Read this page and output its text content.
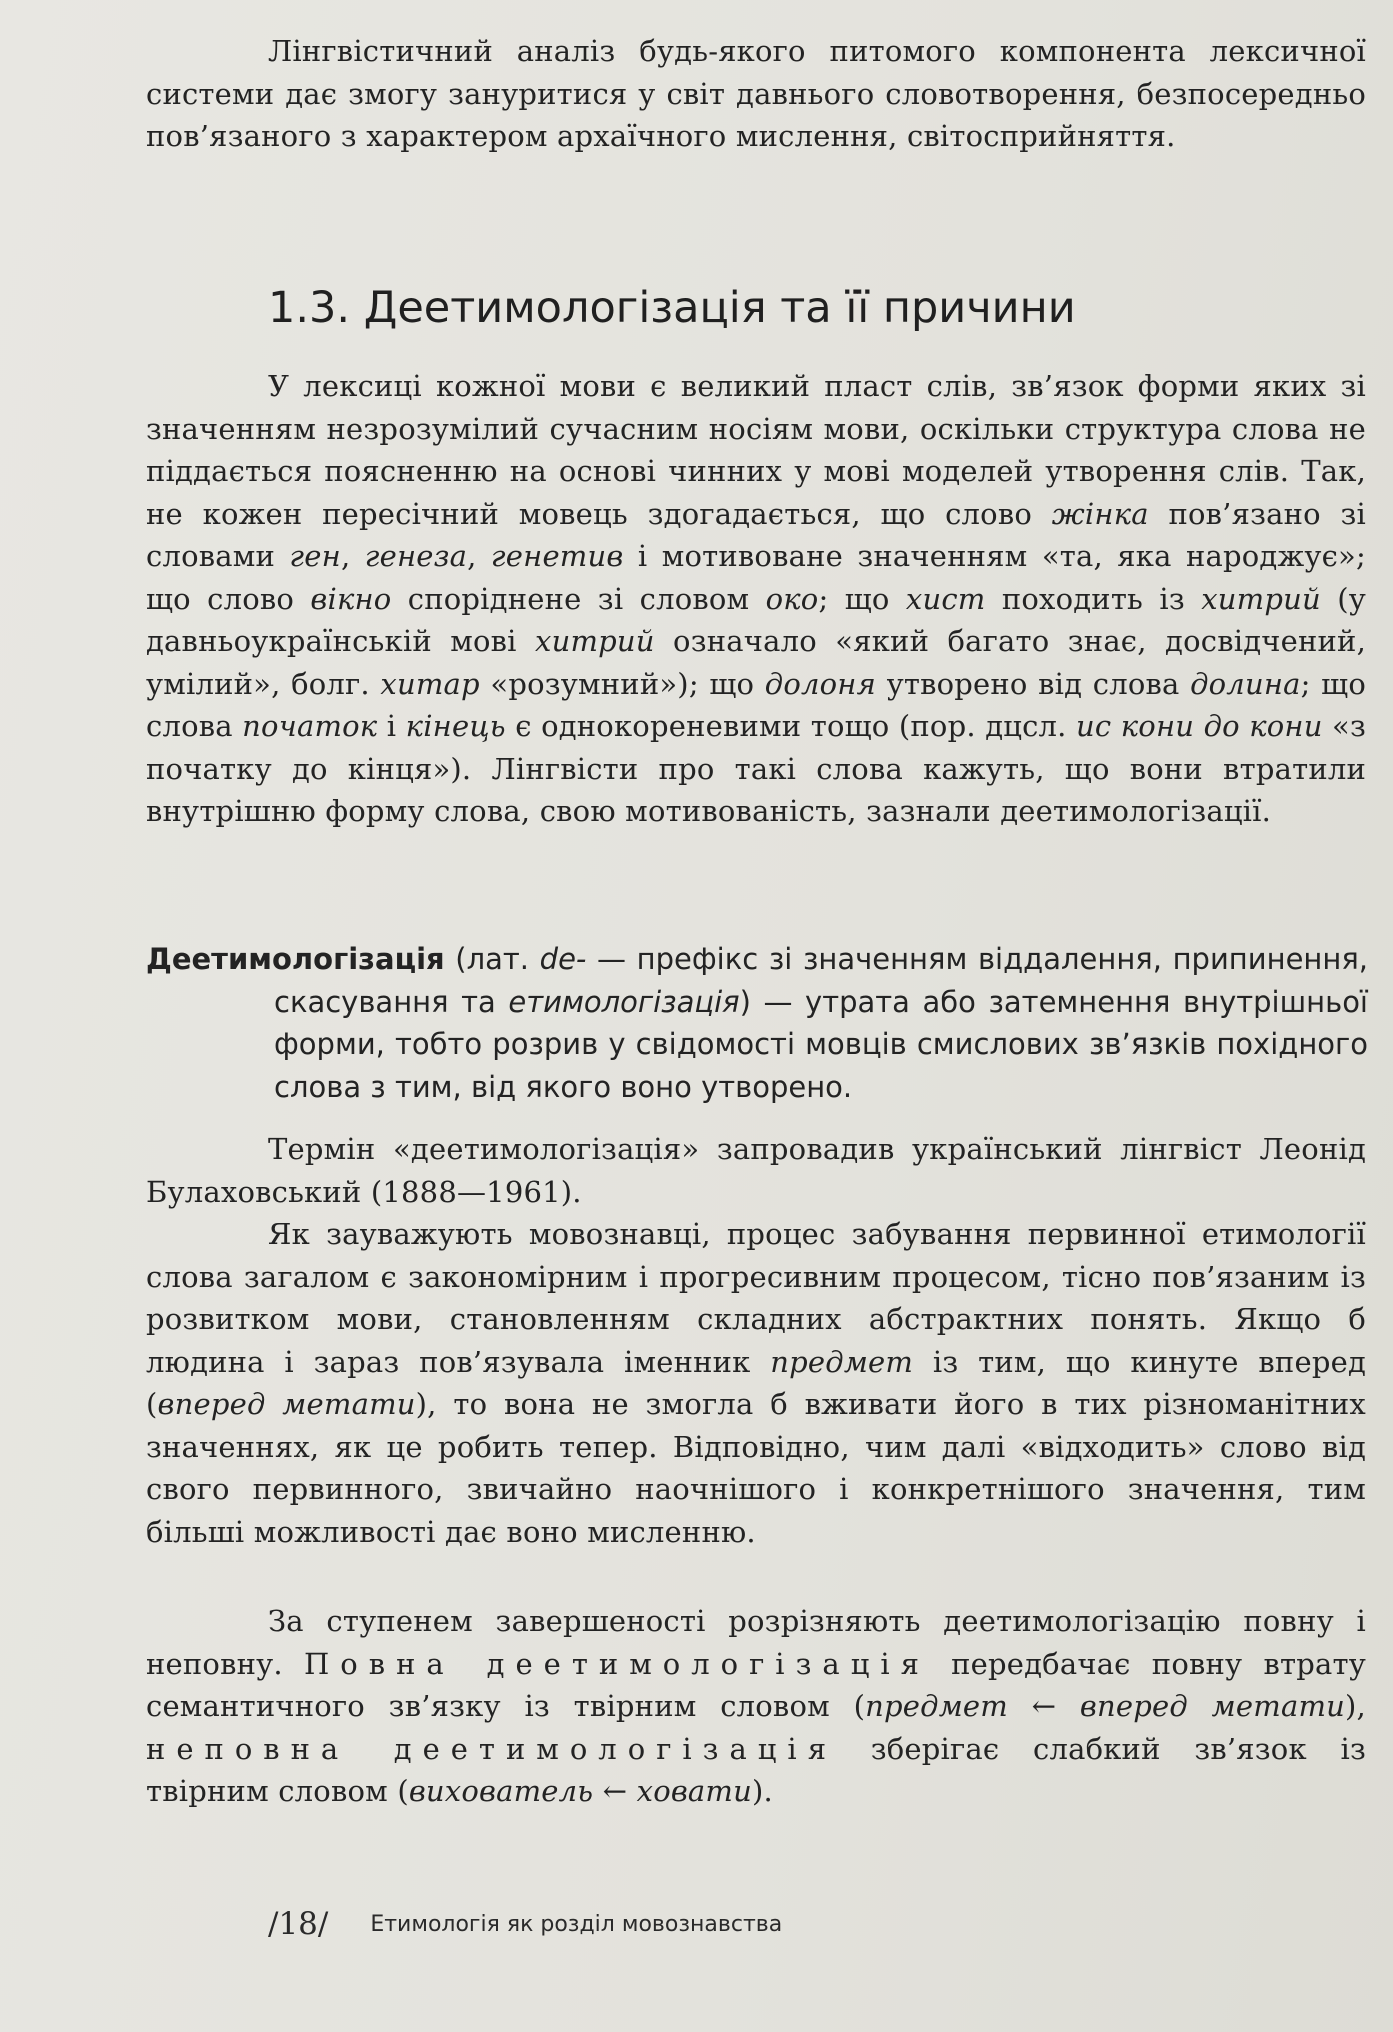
Лінгвістичний аналіз будь-якого питомого компонента лексичної системи дає змогу зануритися у світ давнього словотворення, безпосередньо пов’язаного з характером архаїчного мислення, світосприйняття.

1.3. Деетимологізація та її причини

У лексиці кожної мови є великий пласт слів, зв’язок форми яких зі значенням незрозумілий сучасним носіям мови, оскільки структура слова не піддається поясненню на основі чинних у мові моделей утворення слів. Так, не кожен пересічний мовець здогадається, що слово жінка пов’язано зі словами ген, генеза, генетив і мотивоване значенням «та, яка народжує»; що слово вікно споріднене зі словом око; що хист походить із хитрий (у давньоукраїнській мові хитрий означало «який багато знає, досвідчений, умілий», болг. хитар «розумний»); що долоня утворено від слова долина; що слова початок і кінець є однокореневими тощо (пор. дцсл. ис кони до кони «з початку до кінця»). Лінгвісти про такі слова кажуть, що вони втратили внутрішню форму слова, свою мотивованість, зазнали деетимологізації.

Деетимологізація (лат. de- — префікс зі значенням віддалення, припинення, скасування та етимологізація) — утрата або затемнення внутрішньої форми, тобто розрив у свідомості мовців смислових зв’язків похідного слова з тим, від якого воно утворено.

Термін «деетимологізація» запровадив український лінгвіст Леонід Булаховський (1888—1961).

Як зауважують мовознавці, процес забування первинної етимології слова загалом є закономірним і прогресивним процесом, тісно пов’язаним із розвитком мови, становленням складних абстрактних понять. Якщо б людина і зараз пов’язувала іменник предмет із тим, що кинуте вперед (вперед метати), то вона не змогла б вживати його в тих різноманітних значеннях, як це робить тепер. Відповідно, чим далі «відходить» слово від свого первинного, звичайно наочнішого і конкретнішого значення, тим більші можливості дає воно мисленню.

За ступенем завершеності розрізняють деетимологізацію повну і неповну. Повна деетимологізація передбачає повну втрату семантичного зв’язку із твірним словом (предмет ← вперед метати), неповна деетимологізація зберігає слабкий зв’язок із твірним словом (вихователь ← ховати).

/18/ Етимологія як розділ мовознавства
